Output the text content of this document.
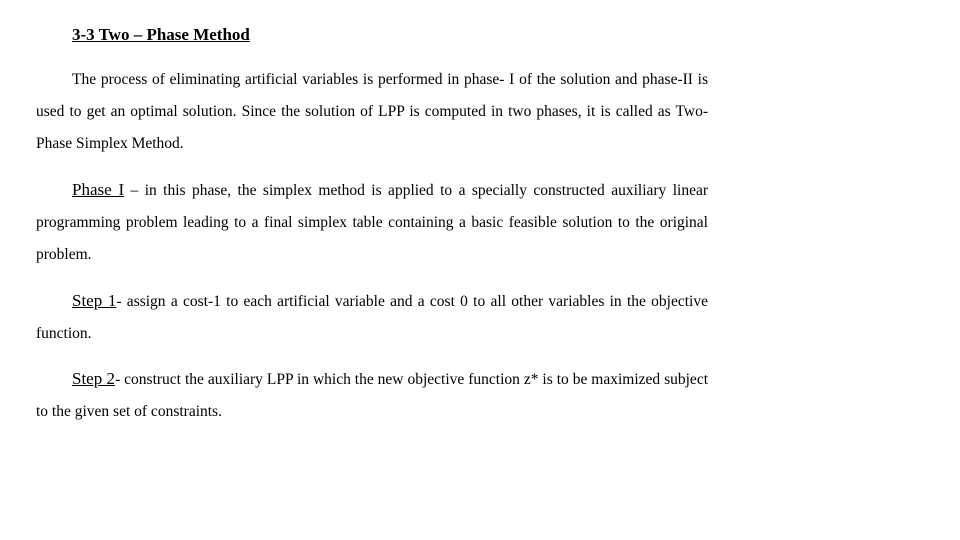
3-3 Two – Phase Method

The process of eliminating artificial variables is performed in phase- I of the solution and phase-II is used to get an optimal solution. Since the solution of LPP is computed in two phases, it is called as Two- Phase Simplex Method.

Phase I – in this phase, the simplex method is applied to a specially constructed auxiliary linear programming problem leading to a final simplex table containing a basic feasible solution to the original problem.

Step 1- assign a cost-1 to each artificial variable and a cost 0 to all other variables in the objective function.

Step 2- construct the auxiliary LPP in which the new objective function z* is to be maximized subject to the given set of constraints.
